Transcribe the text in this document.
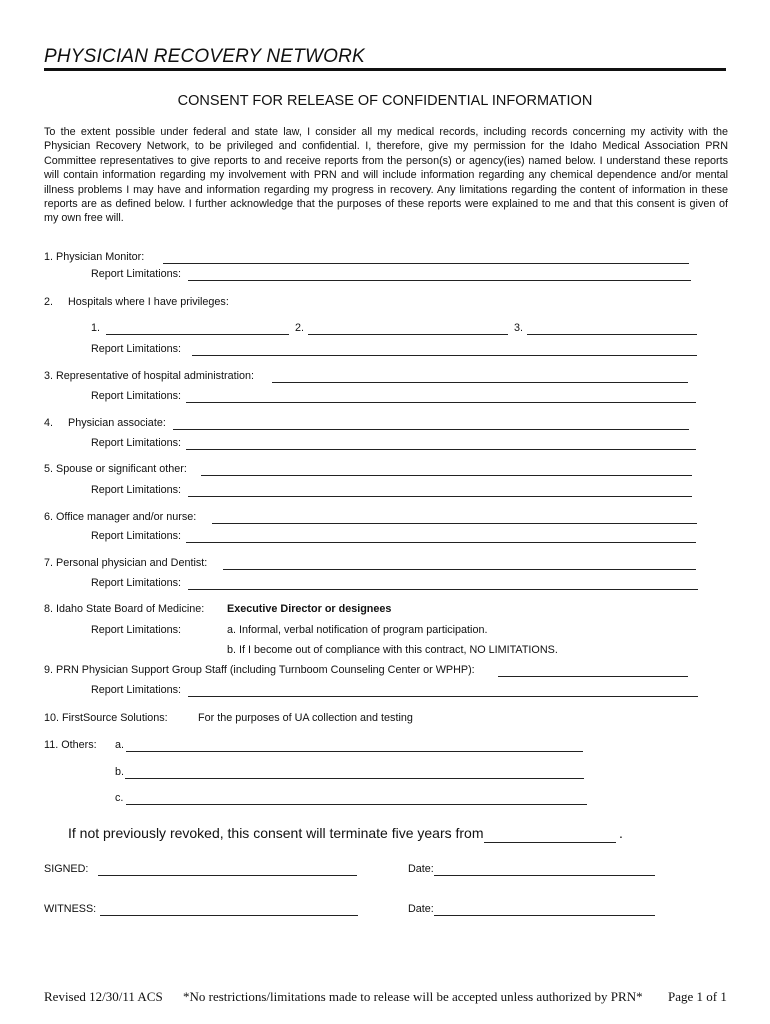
PHYSICIAN RECOVERY NETWORK
CONSENT FOR RELEASE OF CONFIDENTIAL INFORMATION
To the extent possible under federal and state law, I consider all my medical records, including records concerning my activity with the Physician Recovery Network, to be privileged and confidential. I, therefore, give my permission for the Idaho Medical Association PRN Committee representatives to give reports to and receive reports from the person(s) or agency(ies) named below. I understand these reports will contain information regarding my involvement with PRN and will include information regarding any chemical dependence and/or mental illness problems I may have and information regarding my progress in recovery. Any limitations regarding the content of information in these reports are as defined below. I further acknowledge that the purposes of these reports were explained to me and that this consent is given of my own free will.
1. Physician Monitor:
Report Limitations:
2. Hospitals where I have privileges:
1.	2.	3.
Report Limitations:
3. Representative of hospital administration:
Report Limitations:
4. Physician associate:
Report Limitations:
5. Spouse or significant other:
Report Limitations:
6. Office manager and/or nurse:
Report Limitations:
7. Personal physician and Dentist:
Report Limitations:
8. Idaho State Board of Medicine: Executive Director or designees
Report Limitations:	a. Informal, verbal notification of program participation.
b. If I become out of compliance with this contract, NO LIMITATIONS.
9. PRN Physician Support Group Staff (including Turnboom Counseling Center or WPHP):
Report Limitations:
10. FirstSource Solutions:	For the purposes of UA collection and testing
11. Others: a.
b.
c.
If not previously revoked, this consent will terminate five years from	.
SIGNED:	Date:
WITNESS:	Date:
Revised 12/30/11 ACS *No restrictions/limitations made to release will be accepted unless authorized by PRN* Page 1 of 1
